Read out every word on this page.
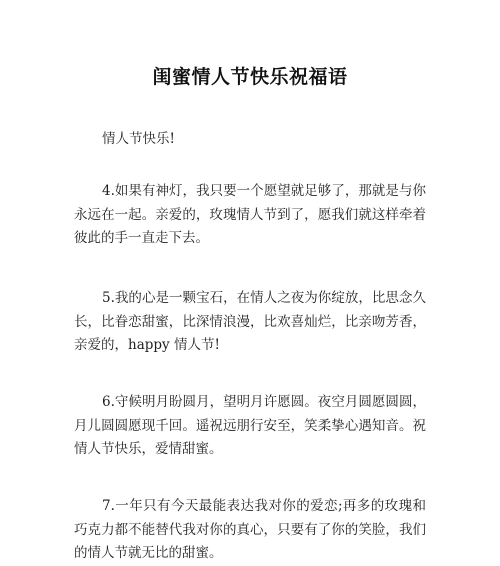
闺蜜情人节快乐祝福语

情人节快乐!

4.如果有神灯，我只要一个愿望就足够了，那就是与你永远在一起。亲爱的，玫瑰情人节到了，愿我们就这样牵着彼此的手一直走下去。

5.我的心是一颗宝石，在情人之夜为你绽放，比思念久长，比眷恋甜蜜，比深情浪漫，比欢喜灿烂，比亲吻芳香，亲爱的，happy 情人节!

6.守候明月盼圆月，望明月许愿圆。夜空月圆愿圆圆，月儿圆圆愿现千回。遥祝远朋行安至，笑柔挚心遇知音。祝情人节快乐，爱情甜蜜。

7.一年只有今天最能表达我对你的爱恋;再多的玫瑰和巧克力都不能替代我对你的真心，只要有了你的笑脸，我们的情人节就无比的甜蜜。
